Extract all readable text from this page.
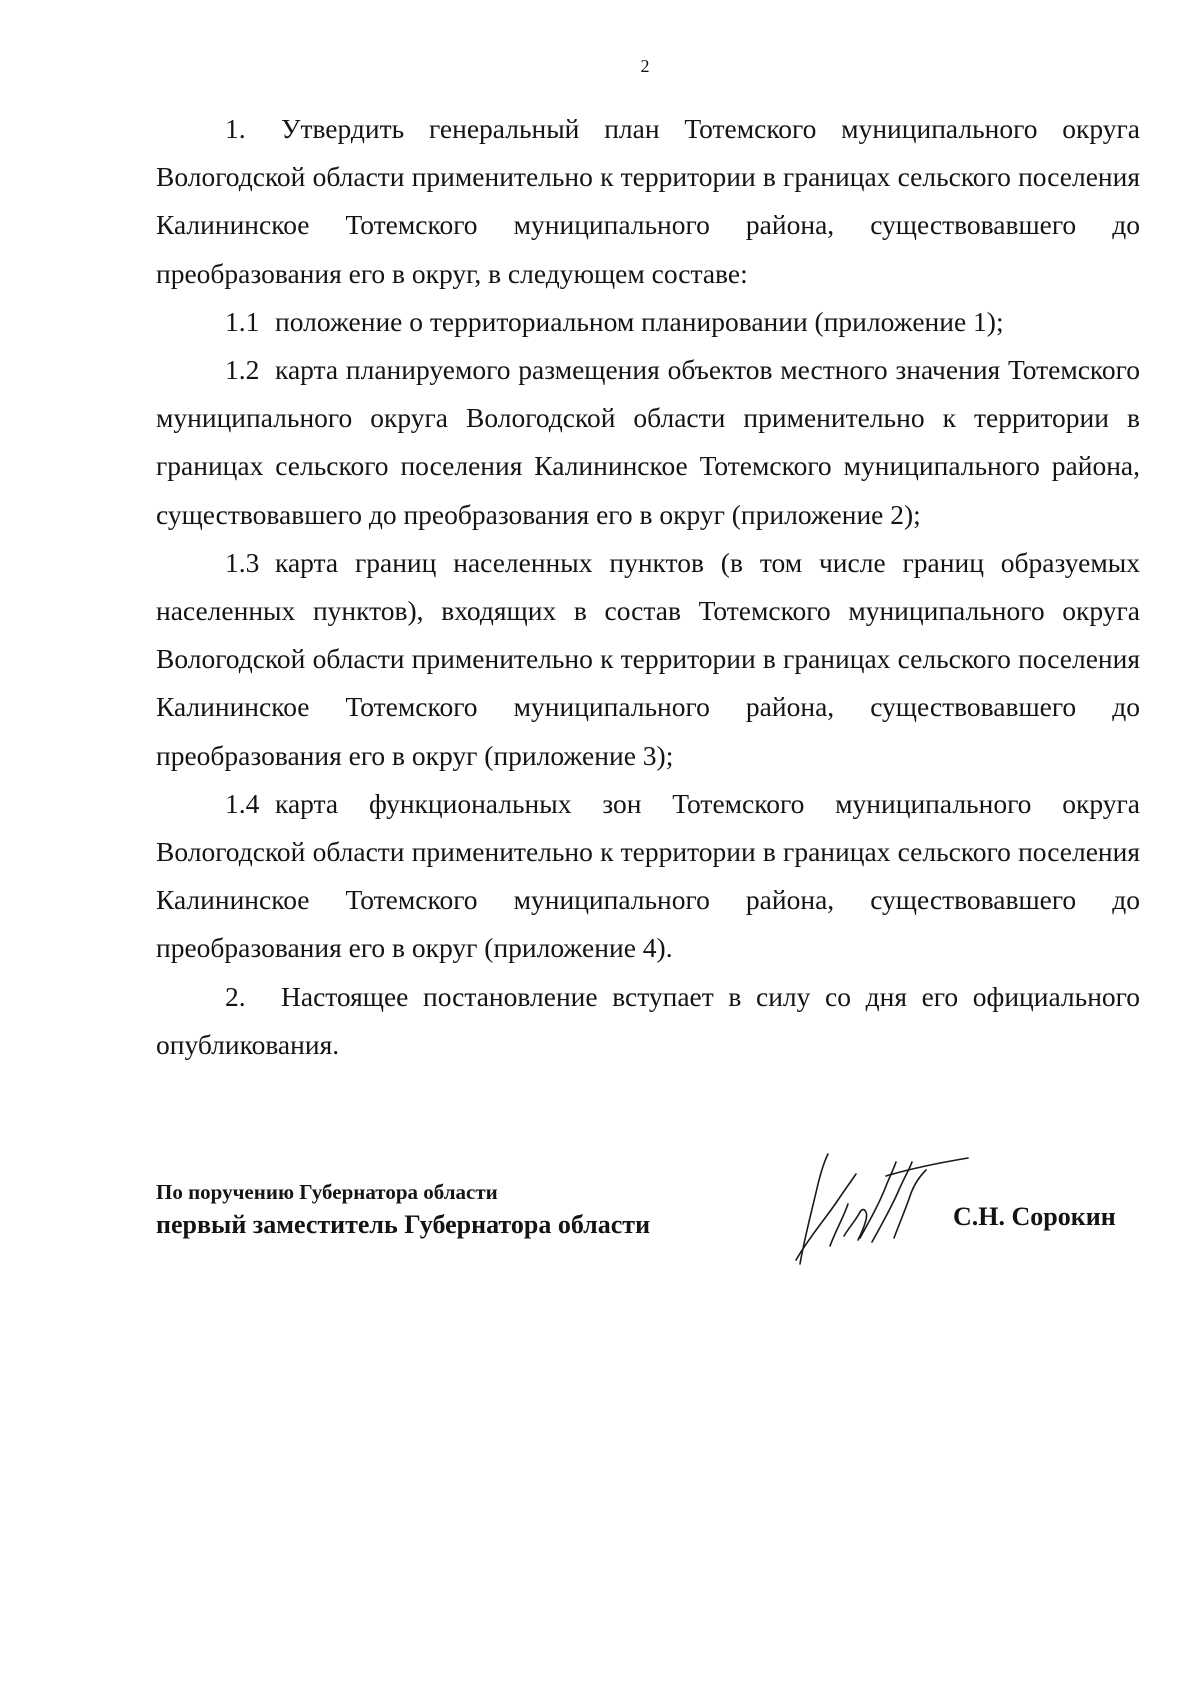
2

1. Утвердить генеральный план Тотемского муниципального округа Вологодской области применительно к территории в границах сельского поселения Калининское Тотемского муниципального района, существовавшего до преобразования его в округ, в следующем составе:

1.1 положение о территориальном планировании (приложение 1);

1.2 карта планируемого размещения объектов местного значения Тотемского муниципального округа Вологодской области применительно к территории в границах сельского поселения Калининское Тотемского муниципального района, существовавшего до преобразования его в округ (приложение 2);

1.3 карта границ населенных пунктов (в том числе границ образуемых населенных пунктов), входящих в состав Тотемского муниципального округа Вологодской области применительно к территории в границах сельского поселения Калининское Тотемского муниципального района, существовавшего до преобразования его в округ (приложение 3);

1.4 карта функциональных зон Тотемского муниципального округа Вологодской области применительно к территории в границах сельского поселения Калининское Тотемского муниципального района, существовавшего до преобразования его в округ (приложение 4).

2. Настоящее постановление вступает в силу со дня его официального опубликования.

По поручению Губернатора области
первый заместитель Губернатора области	С.Н. Сорокин
